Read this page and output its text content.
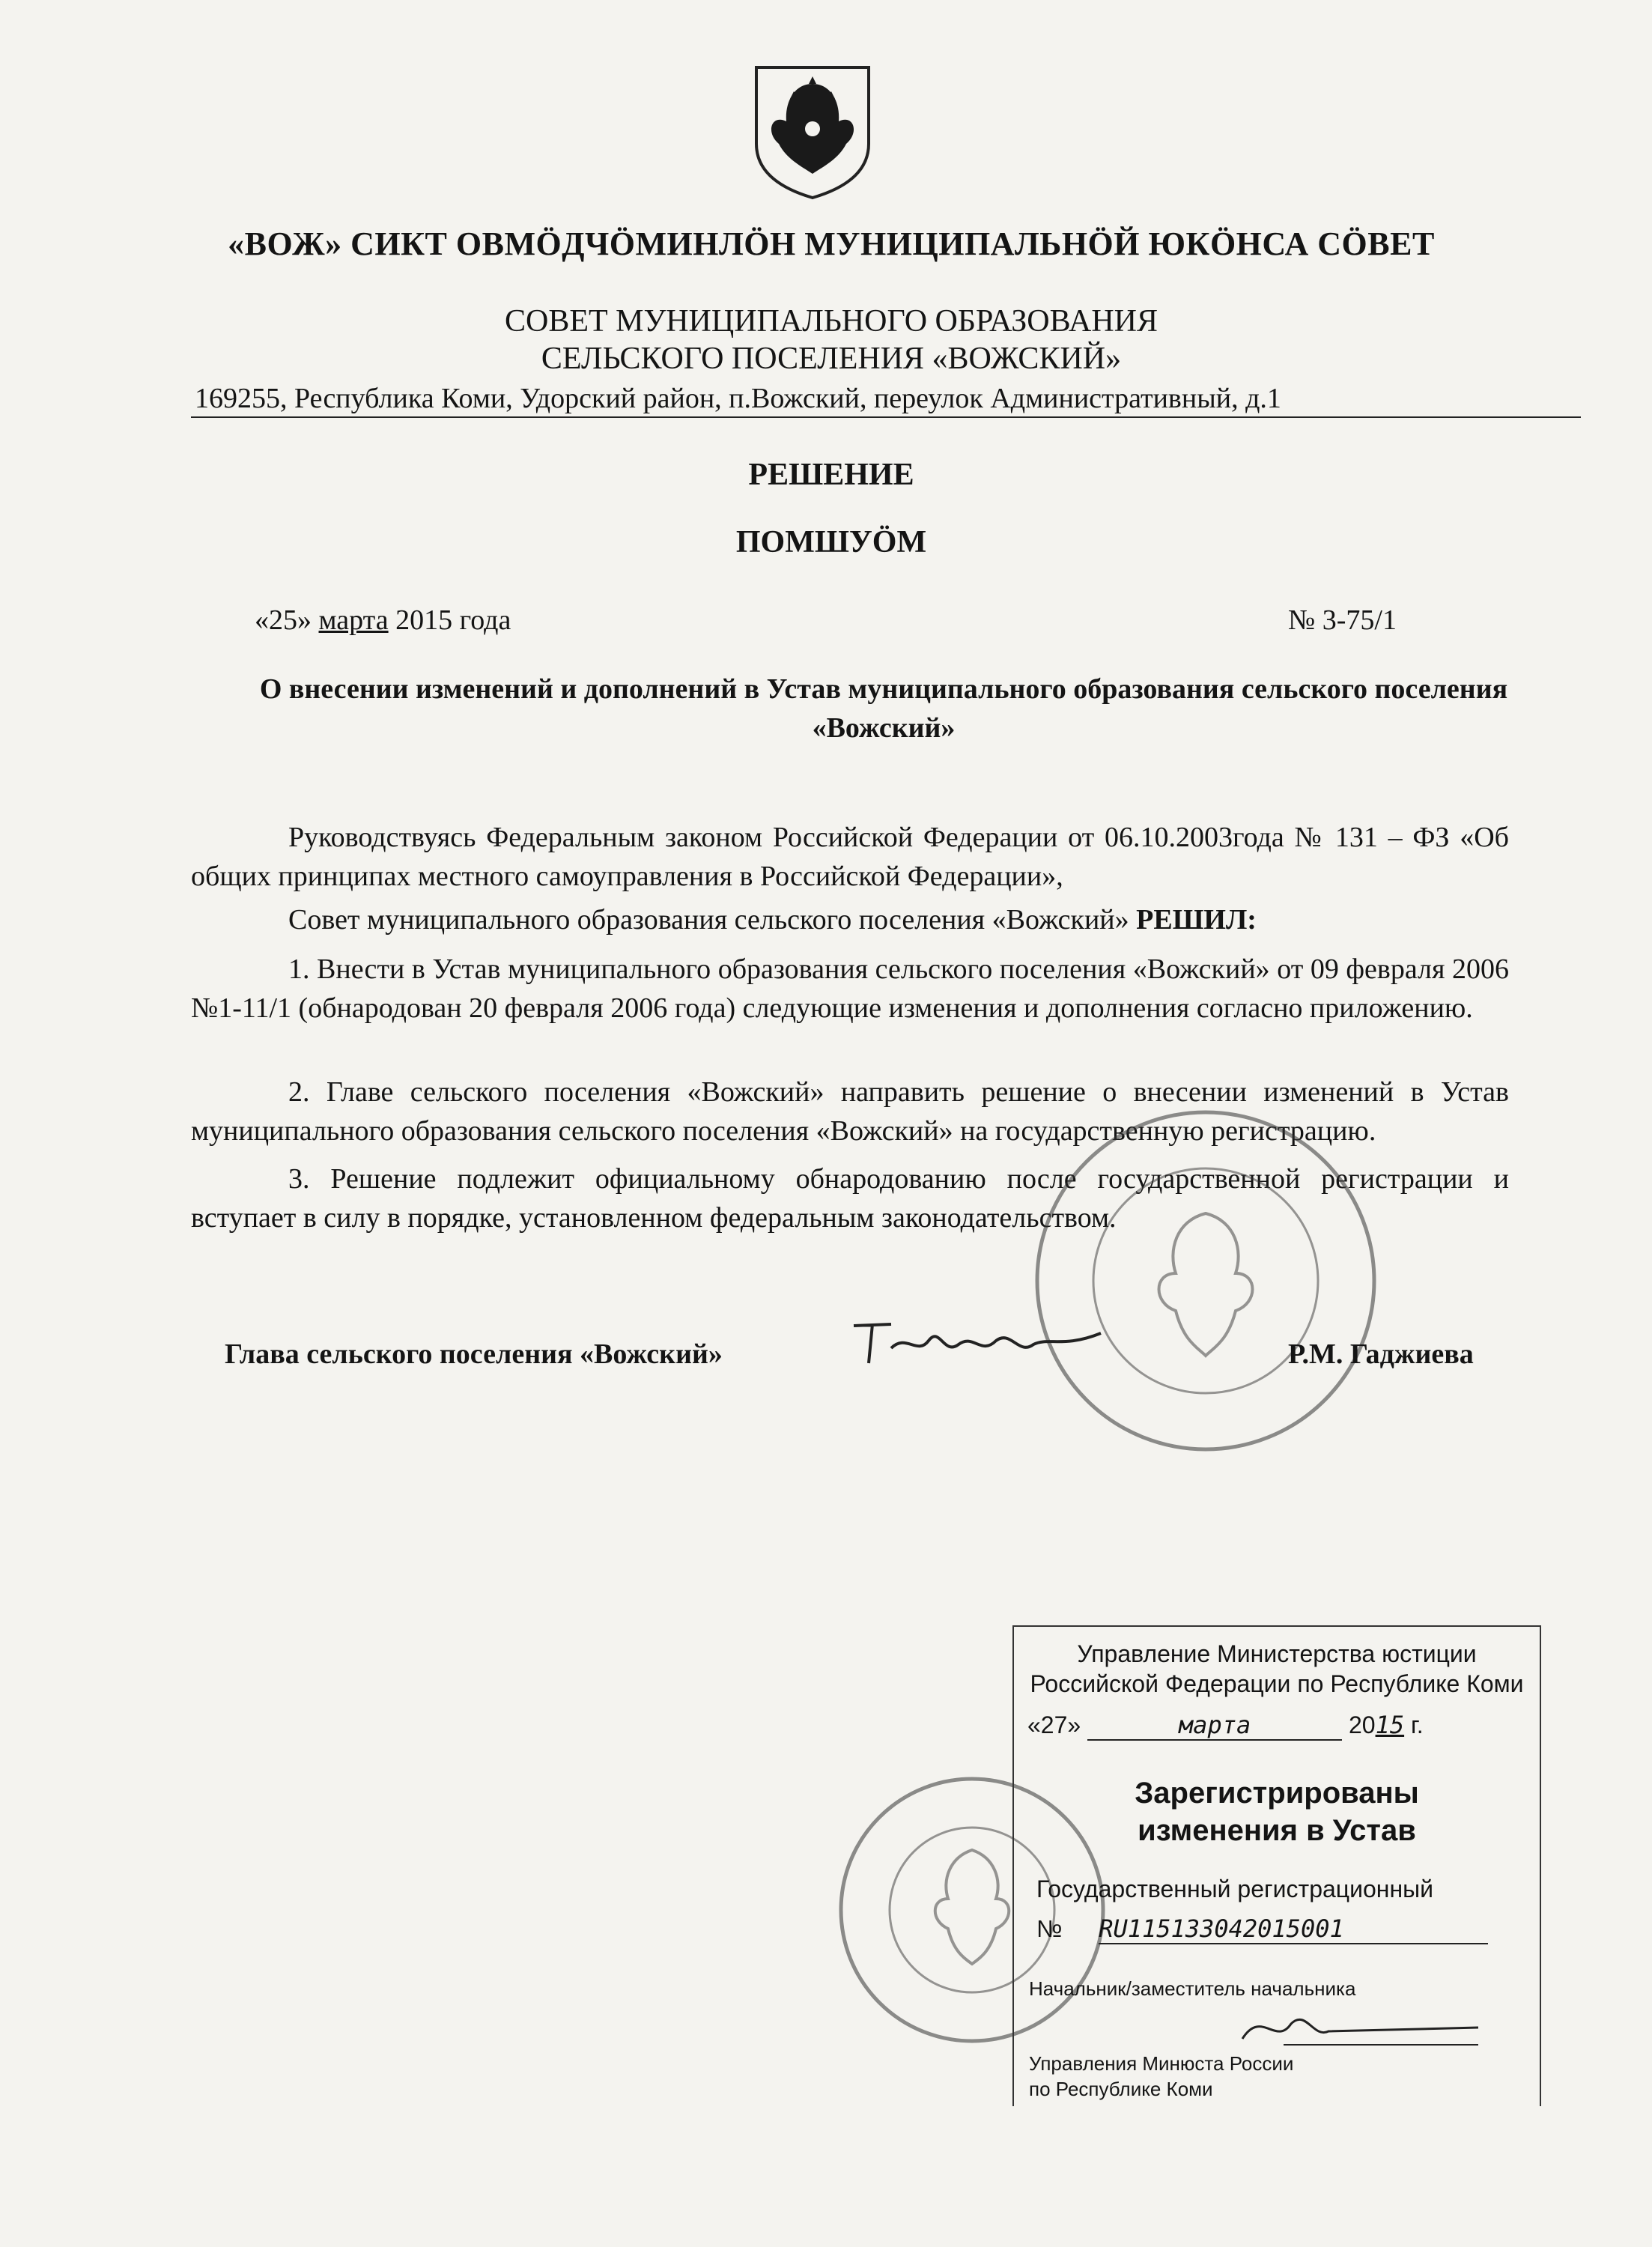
«ВОЖ» СИКТ ОВМÖДЧÖМИНЛÖН МУНИЦИПАЛЬНÖЙ ЮКÖНСА СÖВЕТ
СОВЕТ МУНИЦИПАЛЬНОГО ОБРАЗОВАНИЯ
СЕЛЬСКОГО ПОСЕЛЕНИЯ «ВОЖСКИЙ»
169255, Республика Коми, Удорский район, п.Вожский, переулок Административный, д.1
РЕШЕНИЕ
ПОМШУÖМ
«25» марта 2015 года	№ 3-75/1
О внесении изменений и дополнений в Устав муниципального образования сельского поселения «Вожский»
Руководствуясь Федеральным законом Российской Федерации от 06.10.2003года № 131 – ФЗ «Об общих принципах местного самоуправления в Российской Федерации»,
Совет муниципального образования сельского поселения «Вожский» РЕШИЛ:
1. Внести в Устав муниципального образования сельского поселения «Вожский» от 09 февраля 2006 №1-11/1 (обнародован 20 февраля 2006 года) следующие изменения и дополнения согласно приложению.
2. Главе сельского поселения «Вожский» направить решение о внесении изменений в Устав муниципального образования сельского поселения «Вожский» на государственную регистрацию.
3. Решение подлежит официальному обнародованию после государственной регистрации и вступает в силу в порядке, установленном федеральным законодательством.
Глава сельского поселения «Вожский»	Р.М. Гаджиева
Управление Министерства юстиции
Российской Федерации по Республике Коми
«27»	марта	2015 г.
Зарегистрированы
изменения в Устав
Государственный регистрационный
№ RU115133042015001
Начальник/заместитель начальника
Управления Минюста России
по Республике Коми
